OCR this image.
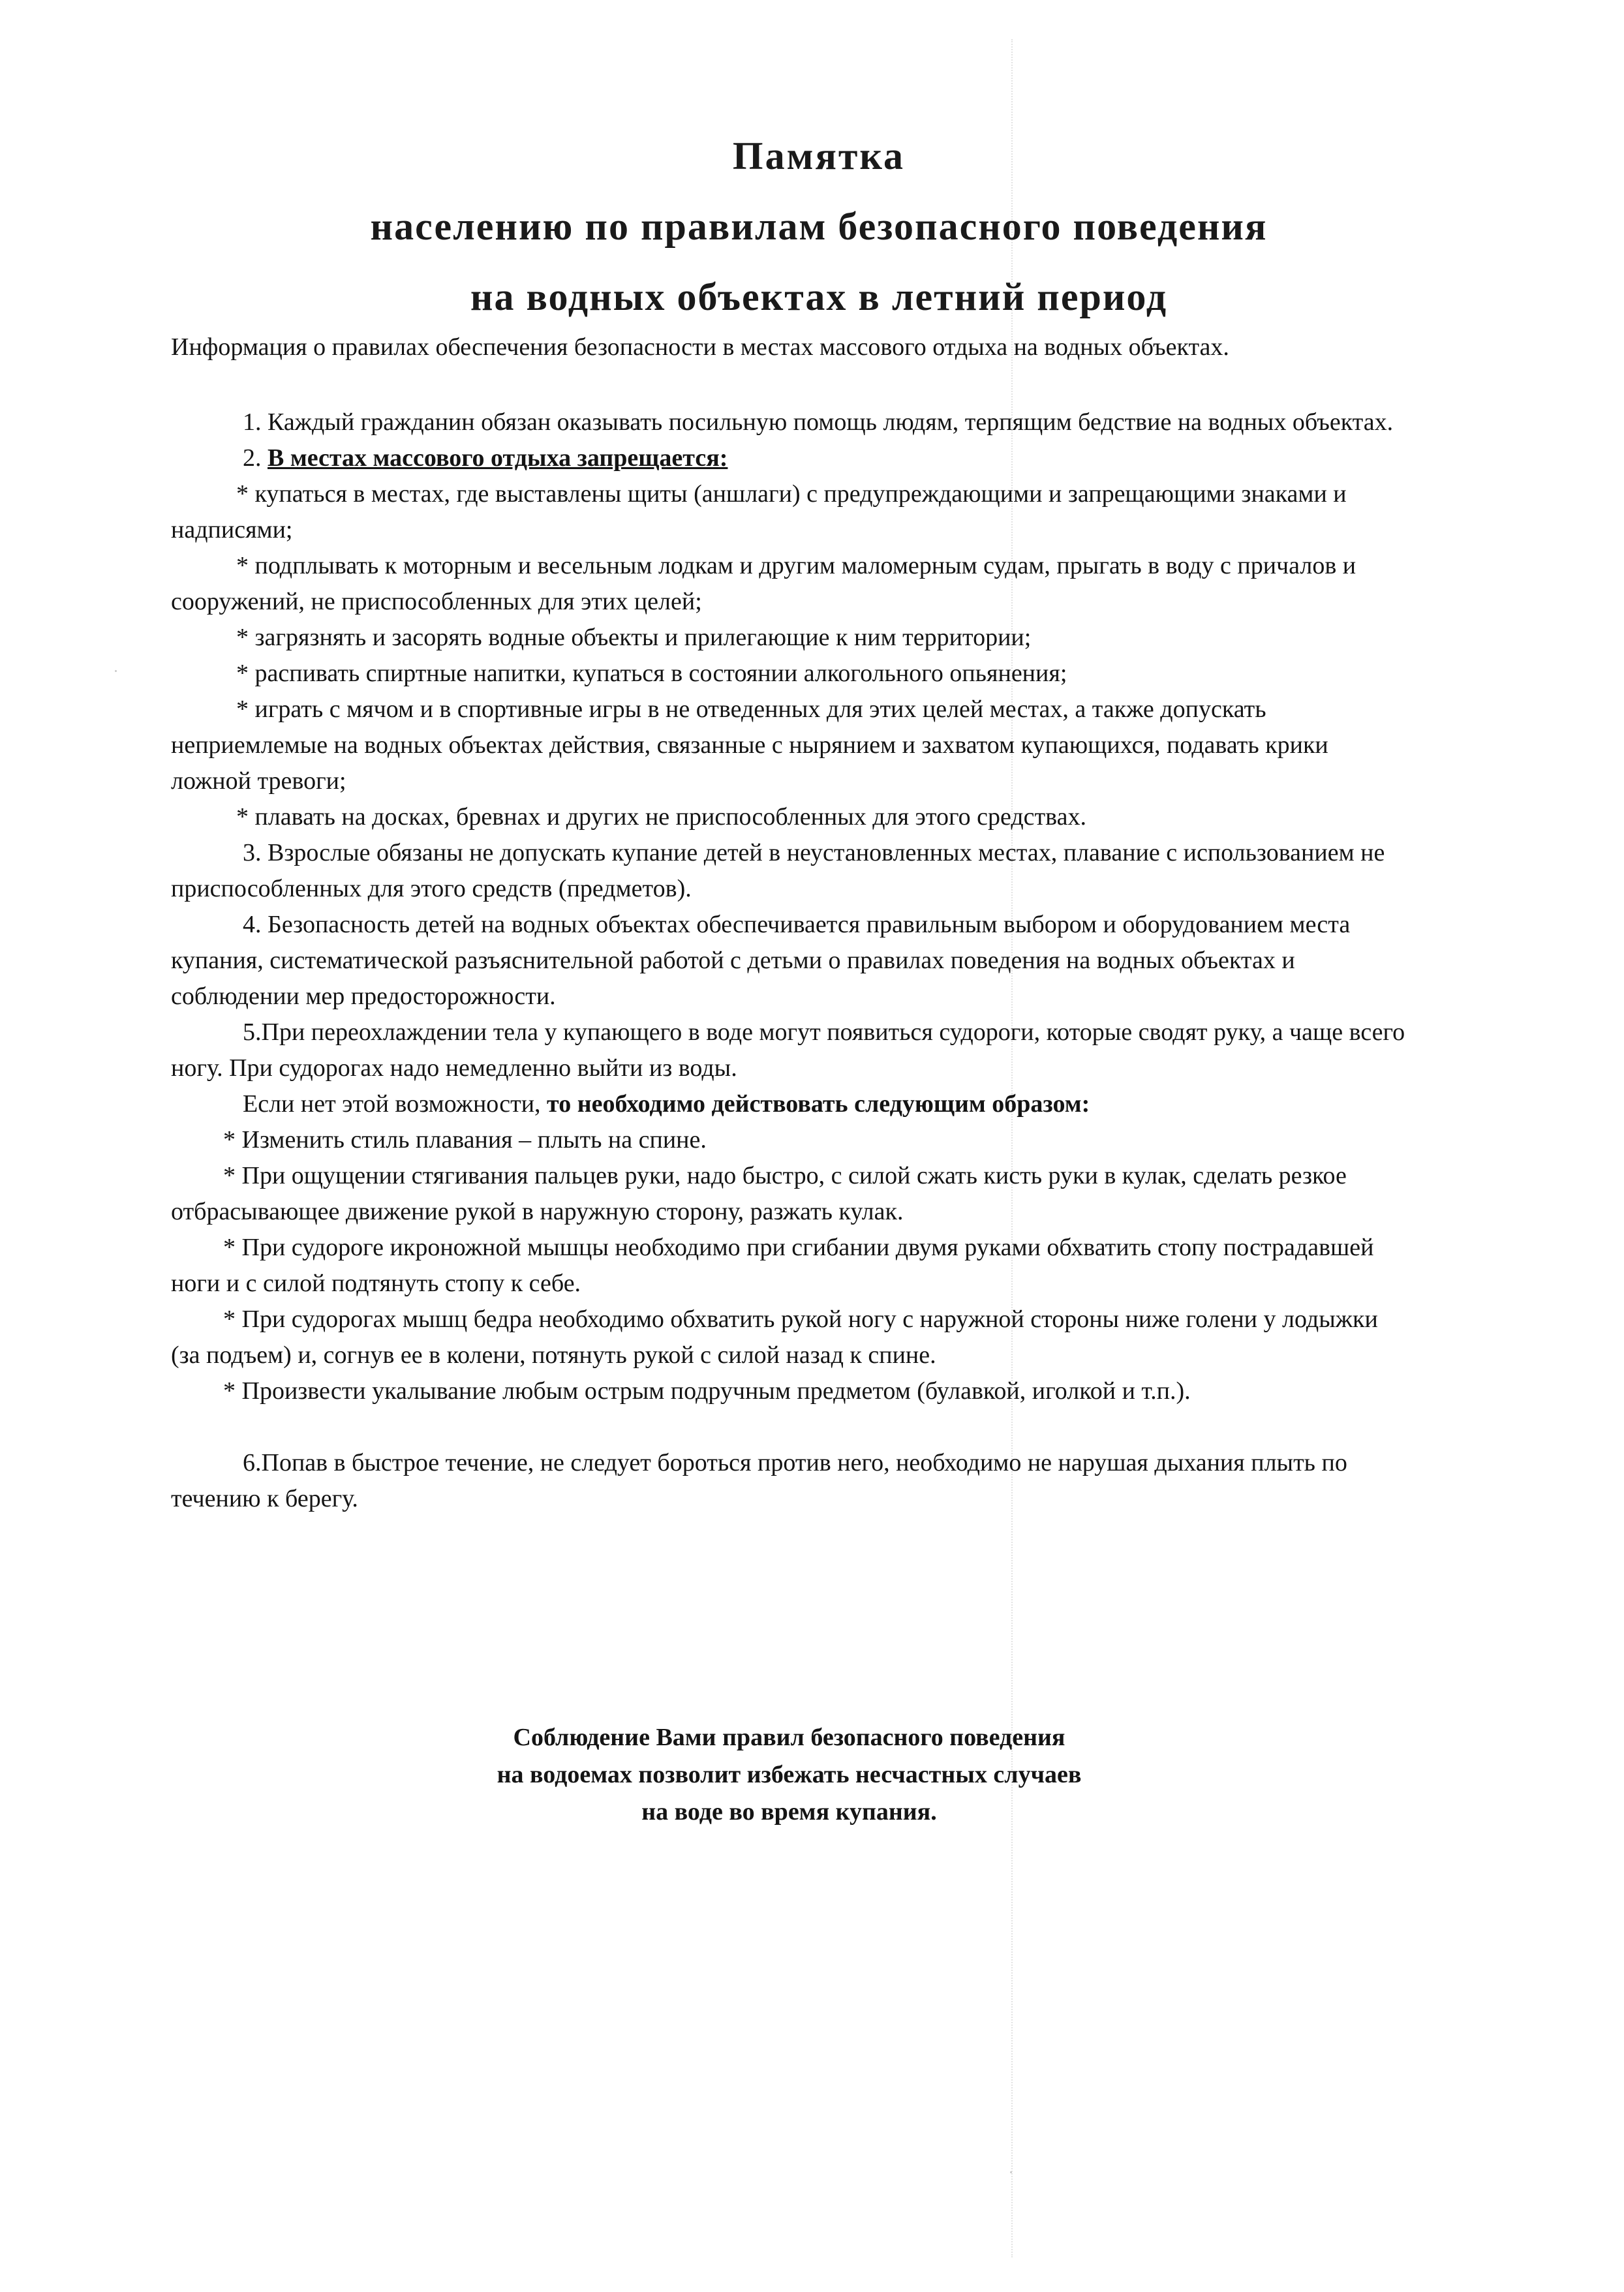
Памятка
населению по правилам безопасного поведения
на водных объектах в летний период

Информация о правилах обеспечения безопасности в местах массового отдыха на водных объектах.

1. Каждый гражданин обязан оказывать посильную помощь людям, терпящим бедствие на водных объектах.

2. В местах массового отдыха запрещается:

* купаться в местах, где выставлены щиты (аншлаги) с предупреждающими и запрещающими знаками и надписями;

* подплывать к моторным и весельным лодкам и другим маломерным судам, прыгать в воду с причалов и сооружений, не приспособленных для этих целей;

* загрязнять и засорять водные объекты и прилегающие к ним территории;

* распивать спиртные напитки, купаться в состоянии алкогольного опьянения;

* играть с мячом и в спортивные игры в не отведенных для этих целей местах, а также допускать неприемлемые на водных объектах действия, связанные с нырянием и захватом купающихся, подавать крики ложной тревоги;

* плавать на досках, бревнах и других не приспособленных для этого средствах.

3. Взрослые обязаны не допускать купание детей в неустановленных местах, плавание с использованием не приспособленных для этого средств (предметов).

4. Безопасность детей на водных объектах обеспечивается правильным выбором и оборудованием места купания, систематической разъяснительной работой с детьми о правилах поведения на водных объектах и соблюдении мер предосторожности.

5.При переохлаждении тела у купающего в воде могут появиться судороги, которые сводят руку, а чаще всего ногу. При судорогах надо немедленно выйти из воды.

Если нет этой возможности, то необходимо действовать следующим образом:

* Изменить стиль плавания – плыть на спине.

* При ощущении стягивания пальцев руки, надо быстро, с силой сжать кисть руки в кулак, сделать резкое отбрасывающее движение рукой в наружную сторону, разжать кулак.

* При судороге икроножной мышцы необходимо при сгибании двумя руками обхватить стопу пострадавшей ноги и с силой подтянуть стопу к себе.

* При судорогах мышц бедра необходимо обхватить рукой ногу с наружной стороны ниже голени у лодыжки (за подъем) и, согнув ее в колени, потянуть рукой с силой назад к спине.

* Произвести укалывание любым острым подручным предметом (булавкой, иголкой и т.п.).

6.Попав в быстрое течение, не следует бороться против него, необходимо не нарушая дыхания плыть по течению к берегу.

Соблюдение Вами правил безопасного поведения
на водоемах позволит избежать несчастных случаев
на воде во время купания.
